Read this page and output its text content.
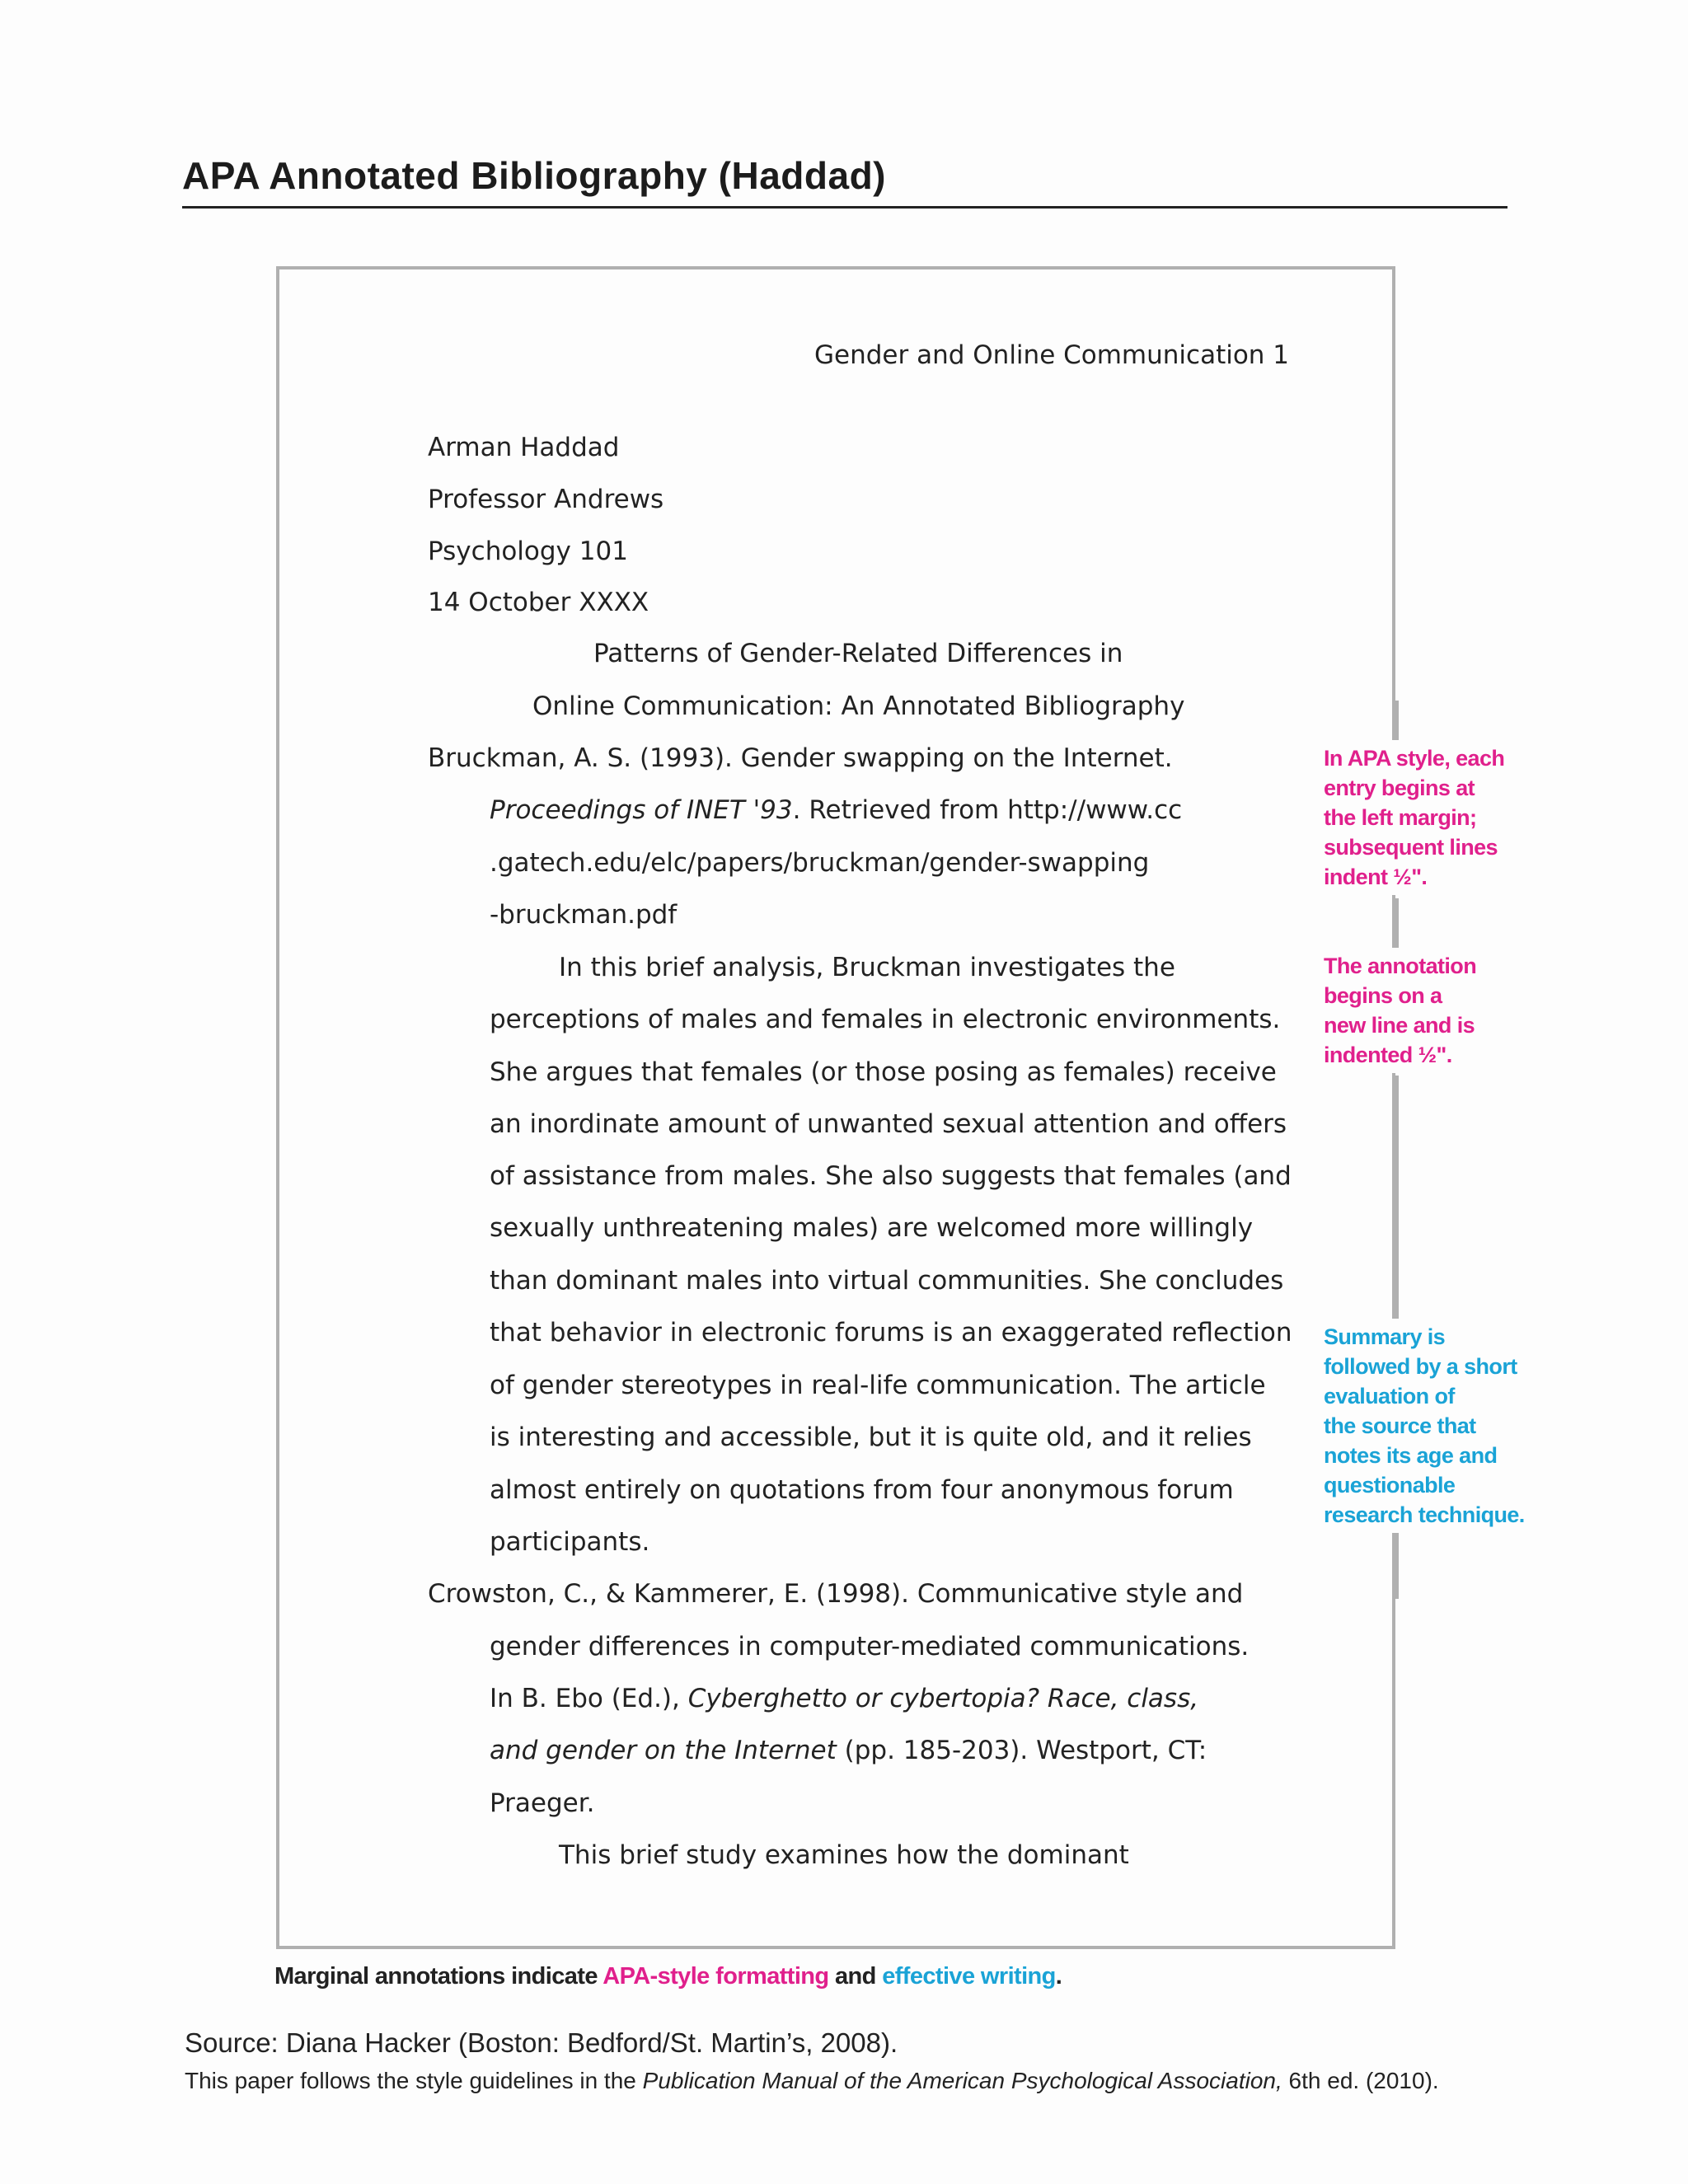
APA Annotated Bibliography (Haddad)
Gender and Online Communication 1
Arman Haddad
Professor Andrews
Psychology 101
14 October XXXX
Patterns of Gender-Related Differences in
Online Communication: An Annotated Bibliography
Bruckman, A. S. (1993). Gender swapping on the Internet.
Proceedings of INET '93. Retrieved from http://www.cc
.gatech.edu/elc/papers/bruckman/gender-swapping
-bruckman.pdf
In this brief analysis, Bruckman investigates the
perceptions of males and females in electronic environments.
She argues that females (or those posing as females) receive
an inordinate amount of unwanted sexual attention and offers
of assistance from males. She also suggests that females (and
sexually unthreatening males) are welcomed more willingly
than dominant males into virtual communities. She concludes
that behavior in electronic forums is an exaggerated reflection
of gender stereotypes in real-life communication. The article
is interesting and accessible, but it is quite old, and it relies
almost entirely on quotations from four anonymous forum
participants.
Crowston, C., & Kammerer, E. (1998). Communicative style and
gender differences in computer-mediated communications.
In B. Ebo (Ed.), Cyberghetto or cybertopia? Race, class,
and gender on the Internet (pp. 185-203). Westport, CT:
Praeger.
This brief study examines how the dominant
In APA style, each
entry begins at
the left margin;
subsequent lines
indent ½".
The annotation
begins on a
new line and is
indented ½".
Summary is
followed by a short
evaluation of
the source that
notes its age and
questionable
research technique.
Marginal annotations indicate APA-style formatting and effective writing.
Source: Diana Hacker (Boston: Bedford/St. Martin’s, 2008).
This paper follows the style guidelines in the Publication Manual of the American Psychological Association, 6th ed. (2010).
